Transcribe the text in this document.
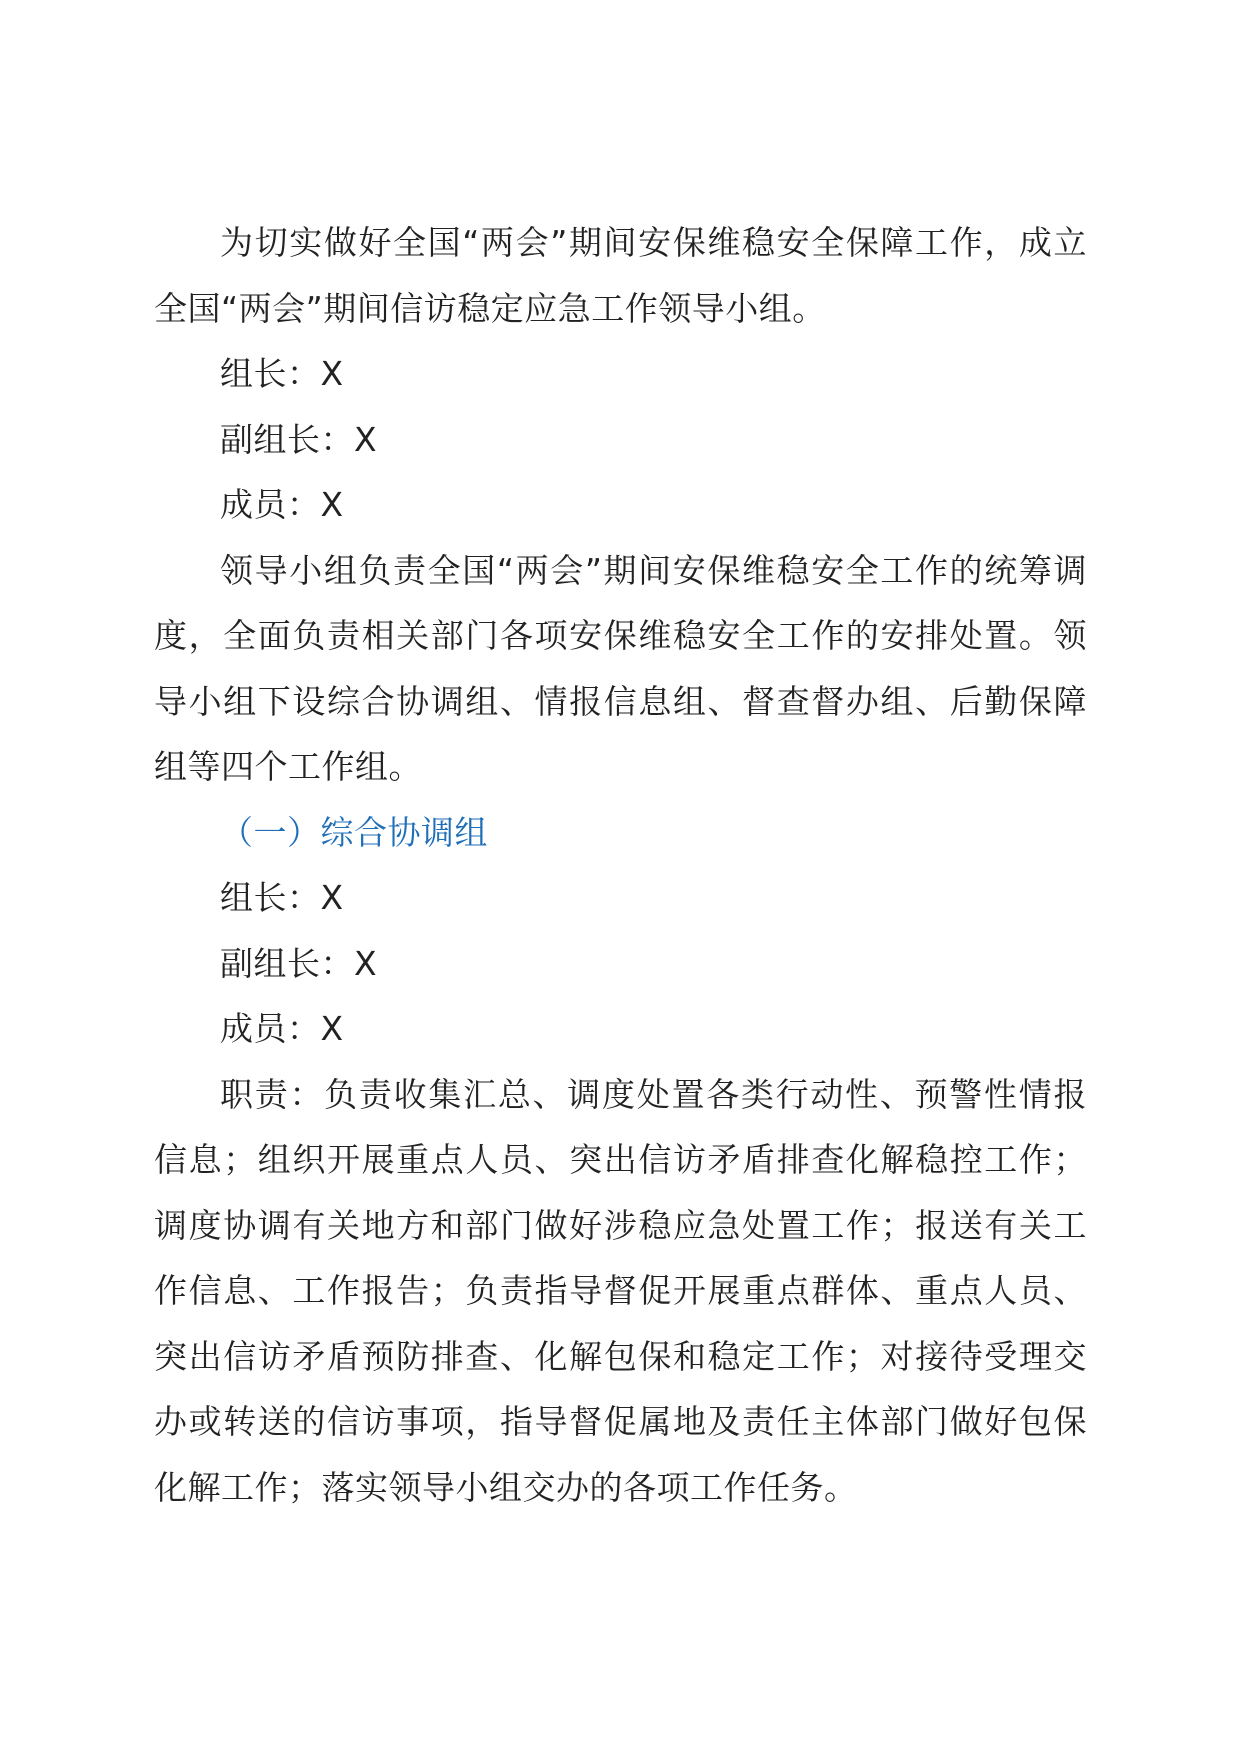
为切实做好全国“两会”期间安保维稳安全保障工作，成立全国“两会”期间信访稳定应急工作领导小组。

组长：X

副组长：X

成员：X

领导小组负责全国“两会”期间安保维稳安全工作的统筹调度，全面负责相关部门各项安保维稳安全工作的安排处置。领导小组下设综合协调组、情报信息组、督查督办组、后勤保障组等四个工作组。

（一）综合协调组

组长：X

副组长：X

成员：X

职责：负责收集汇总、调度处置各类行动性、预警性情报信息；组织开展重点人员、突出信访矛盾排查化解稳控工作；调度协调有关地方和部门做好涉稳应急处置工作；报送有关工作信息、工作报告；负责指导督促开展重点群体、重点人员、突出信访矛盾预防排查、化解包保和稳定工作；对接待受理交办或转送的信访事项，指导督促属地及责任主体部门做好包保化解工作；落实领导小组交办的各项工作任务。
